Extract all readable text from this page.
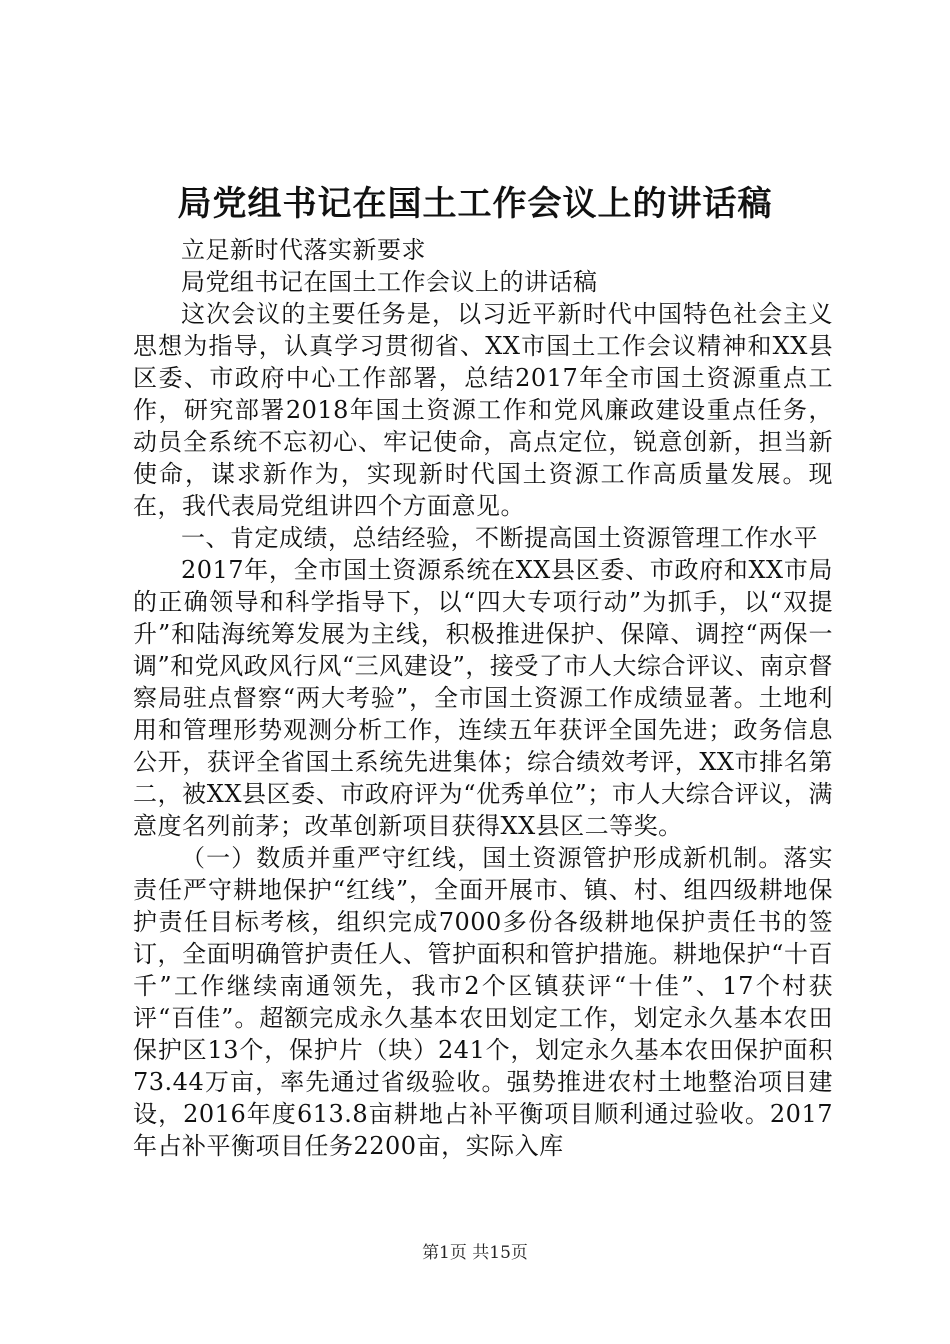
局党组书记在国土工作会议上的讲话稿

立足新时代落实新要求

局党组书记在国土工作会议上的讲话稿

这次会议的主要任务是，以习近平新时代中国特色社会主义思想为指导，认真学习贯彻省、XX市国土工作会议精神和XX县区委、市政府中心工作部署，总结2017年全市国土资源重点工作，研究部署2018年国土资源工作和党风廉政建设重点任务，动员全系统不忘初心、牢记使命，高点定位，锐意创新，担当新使命，谋求新作为，实现新时代国土资源工作高质量发展。现在，我代表局党组讲四个方面意见。

一、肯定成绩，总结经验，不断提高国土资源管理工作水平

2017年，全市国土资源系统在XX县区委、市政府和XX市局的正确领导和科学指导下，以“四大专项行动”为抓手，以“双提升”和陆海统筹发展为主线，积极推进保护、保障、调控“两保一调”和党风政风行风“三风建设”，接受了市人大综合评议、南京督察局驻点督察“两大考验”，全市国土资源工作成绩显著。土地利用和管理形势观测分析工作，连续五年获评全国先进；政务信息公开，获评全省国土系统先进集体；综合绩效考评，XX市排名第二，被XX县区委、市政府评为“优秀单位”；市人大综合评议，满意度名列前茅；改革创新项目获得XX县区二等奖。

（一）数质并重严守红线，国土资源管护形成新机制。落实责任严守耕地保护“红线”，全面开展市、镇、村、组四级耕地保护责任目标考核，组织完成7000多份各级耕地保护责任书的签订，全面明确管护责任人、管护面积和管护措施。耕地保护“十百千”工作继续南通领先，我市2个区镇获评“十佳”、17个村获评“百佳”。超额完成永久基本农田划定工作，划定永久基本农田保护区13个，保护片（块）241个，划定永久基本农田保护面积73.44万亩，率先通过省级验收。强势推进农村土地整治项目建设，2016年度613.8亩耕地占补平衡项目顺利通过验收。2017年占补平衡项目任务2200亩，实际入库

第1页 共15页
